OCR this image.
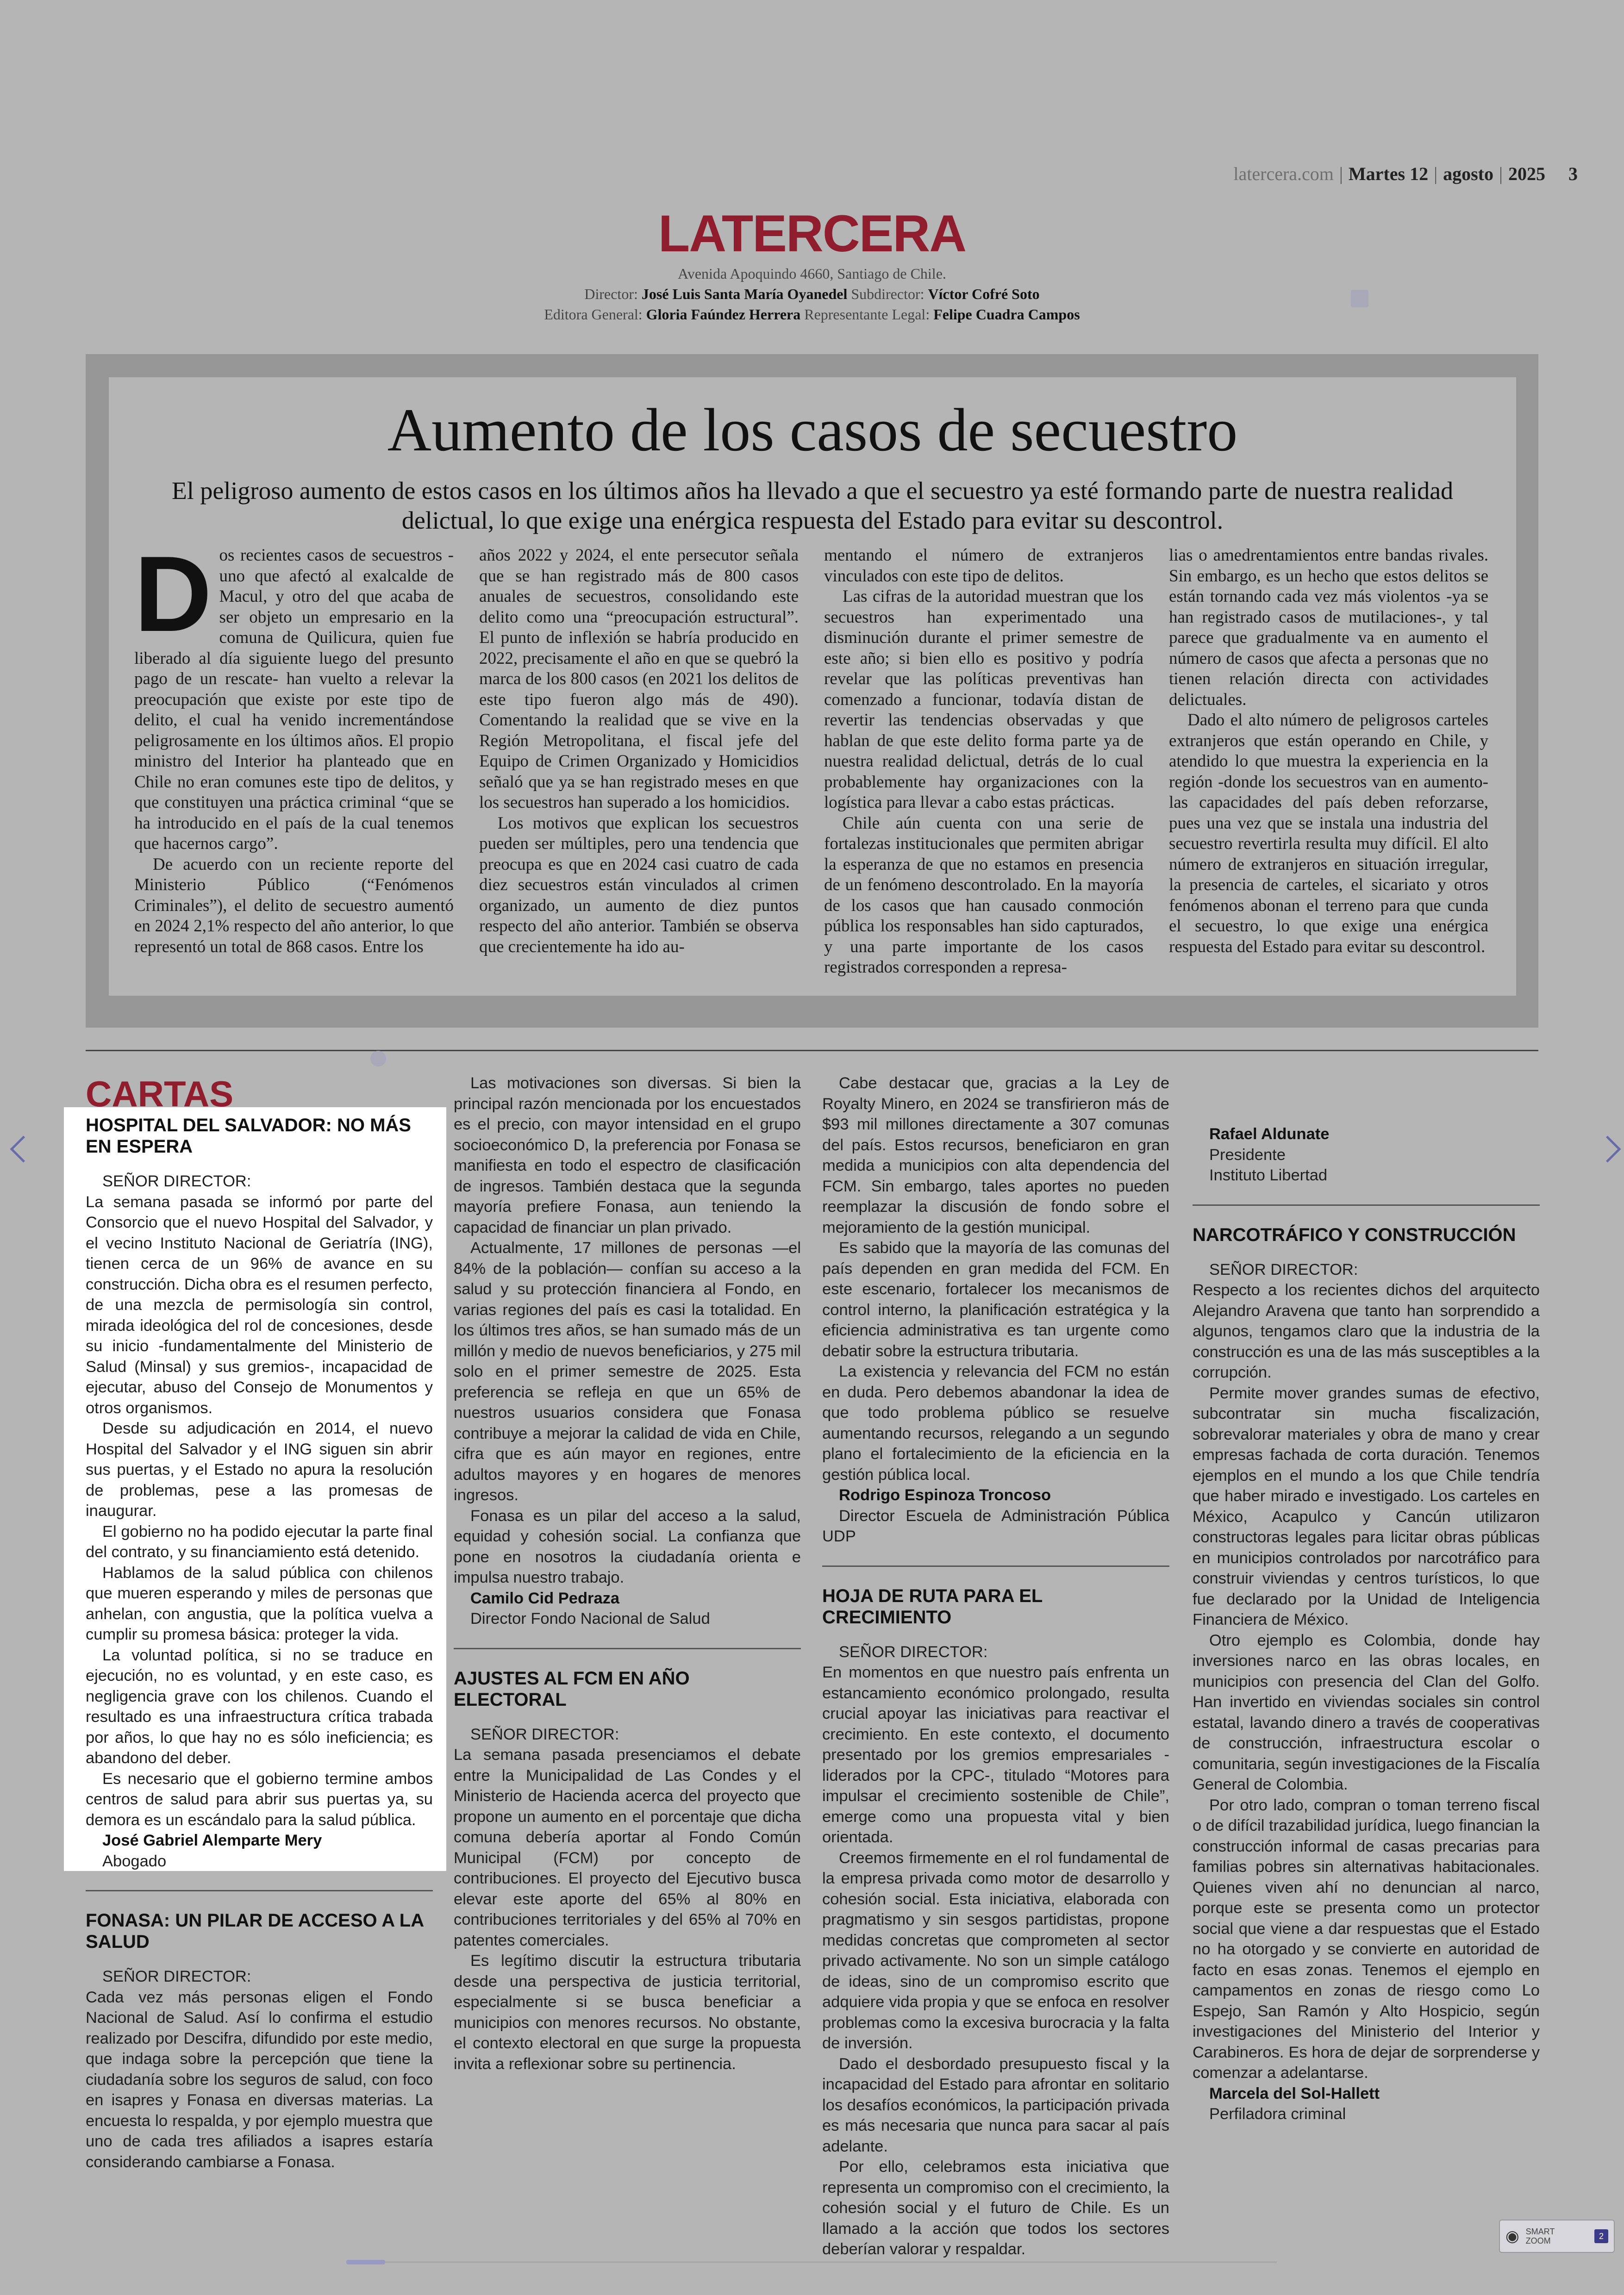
latercera.com | Martes 12 | agosto | 2025 3
LATERCERA
Avenida Apoquindo 4660, Santiago de Chile.
Director: José Luis Santa María Oyanedel Subdirector: Víctor Cofré Soto
Editora General: Gloria Faúndez Herrera Representante Legal: Felipe Cuadra Campos
Aumento de los casos de secuestro
El peligroso aumento de estos casos en los últimos años ha llevado a que el secuestro ya esté formando parte de nuestra realidad delictual, lo que exige una enérgica respuesta del Estado para evitar su descontrol.

Dos recientes casos de secuestros -uno que afectó al exalcalde de Macul, y otro del que acaba de ser objeto un empresario en la comuna de Quilicura, quien fue liberado al día siguiente luego del presunto pago de un rescate- han vuelto a relevar la preocupación que existe por este tipo de delito, el cual ha venido incrementándose peligrosamente en los últimos años. El propio ministro del Interior ha planteado que en Chile no eran comunes este tipo de delitos, y que constituyen una práctica criminal “que se ha introducido en el país de la cual tenemos que hacernos cargo”.

De acuerdo con un reciente reporte del Ministerio Público (“Fenómenos Criminales”), el delito de secuestro aumentó en 2024 2,1% respecto del año anterior, lo que representó un total de 868 casos. Entre los

años 2022 y 2024, el ente persecutor señala que se han registrado más de 800 casos anuales de secuestros, consolidando este delito como una “preocupación estructural”. El punto de inflexión se habría producido en 2022, precisamente el año en que se quebró la marca de los 800 casos (en 2021 los delitos de este tipo fueron algo más de 490). Comentando la realidad que se vive en la Región Metropolitana, el fiscal jefe del Equipo de Crimen Organizado y Homicidios señaló que ya se han registrado meses en que los secuestros han superado a los homicidios.

Los motivos que explican los secuestros pueden ser múltiples, pero una tendencia que preocupa es que en 2024 casi cuatro de cada diez secuestros están vinculados al crimen organizado, un aumento de diez puntos respecto del año anterior. También se observa que crecientemente ha ido au-

mentando el número de extranjeros vinculados con este tipo de delitos.

Las cifras de la autoridad muestran que los secuestros han experimentado una disminución durante el primer semestre de este año; si bien ello es positivo y podría revelar que las políticas preventivas han comenzado a funcionar, todavía distan de revertir las tendencias observadas y que hablan de que este delito forma parte ya de nuestra realidad delictual, detrás de lo cual probablemente hay organizaciones con la logística para llevar a cabo estas prácticas.

Chile aún cuenta con una serie de fortalezas institucionales que permiten abrigar la esperanza de que no estamos en presencia de un fenómeno descontrolado. En la mayoría de los casos que han causado conmoción pública los responsables han sido capturados, y una parte importante de los casos registrados corresponden a represa-

lias o amedrentamientos entre bandas rivales. Sin embargo, es un hecho que estos delitos se están tornando cada vez más violentos -ya se han registrado casos de mutilaciones-, y tal parece que gradualmente va en aumento el número de casos que afecta a personas que no tienen relación directa con actividades delictuales.

Dado el alto número de peligrosos carteles extranjeros que están operando en Chile, y atendido lo que muestra la experiencia en la región -donde los secuestros van en aumento- las capacidades del país deben reforzarse, pues una vez que se instala una industria del secuestro revertirla resulta muy difícil. El alto número de extranjeros en situación irregular, la presencia de carteles, el sicariato y otros fenómenos abonan el terreno para que cunda el secuestro, lo que exige una enérgica respuesta del Estado para evitar su descontrol.

CARTAS
HOSPITAL DEL SALVADOR: NO MÁS EN ESPERA

SEÑOR DIRECTOR:

La semana pasada se informó por parte del Consorcio que el nuevo Hospital del Salvador, y el vecino Instituto Nacional de Geriatría (ING), tienen cerca de un 96% de avance en su construcción. Dicha obra es el resumen perfecto, de una mezcla de permisología sin control, mirada ideológica del rol de concesiones, desde su inicio -fundamentalmente del Ministerio de Salud (Minsal) y sus gremios-, incapacidad de ejecutar, abuso del Consejo de Monumentos y otros organismos.

Desde su adjudicación en 2014, el nuevo Hospital del Salvador y el ING siguen sin abrir sus puertas, y el Estado no apura la resolución de problemas, pese a las promesas de inaugurar.

El gobierno no ha podido ejecutar la parte final del contrato, y su financiamiento está detenido.

Hablamos de la salud pública con chilenos que mueren esperando y miles de personas que anhelan, con angustia, que la política vuelva a cumplir su promesa básica: proteger la vida.

La voluntad política, si no se traduce en ejecución, no es voluntad, y en este caso, es negligencia grave con los chilenos. Cuando el resultado es una infraestructura crítica trabada por años, lo que hay no es sólo ineficiencia; es abandono del deber.

Es necesario que el gobierno termine ambos centros de salud para abrir sus puertas ya, su demora es un escándalo para la salud pública.

José Gabriel Alemparte Mery

Abogado

FONASA: UN PILAR DE ACCESO A LA SALUD

SEÑOR DIRECTOR:

Cada vez más personas eligen el Fondo Nacional de Salud. Así lo confirma el estudio realizado por Descifra, difundido por este medio, que indaga sobre la percepción que tiene la ciudadanía sobre los seguros de salud, con foco en isapres y Fonasa en diversas materias. La encuesta lo respalda, y por ejemplo muestra que uno de cada tres afiliados a isapres estaría considerando cambiarse a Fonasa.

Las motivaciones son diversas. Si bien la principal razón mencionada por los encuestados es el precio, con mayor intensidad en el grupo socioeconómico D, la preferencia por Fonasa se manifiesta en todo el espectro de clasificación de ingresos. También destaca que la segunda mayoría prefiere Fonasa, aun teniendo la capacidad de financiar un plan privado.

Actualmente, 17 millones de personas —el 84% de la población— confían su acceso a la salud y su protección financiera al Fondo, en varias regiones del país es casi la totalidad. En los últimos tres años, se han sumado más de un millón y medio de nuevos beneficiarios, y 275 mil solo en el primer semestre de 2025. Esta preferencia se refleja en que un 65% de nuestros usuarios considera que Fonasa contribuye a mejorar la calidad de vida en Chile, cifra que es aún mayor en regiones, entre adultos mayores y en hogares de menores ingresos.

Fonasa es un pilar del acceso a la salud, equidad y cohesión social. La confianza que pone en nosotros la ciudadanía orienta e impulsa nuestro trabajo.

Camilo Cid Pedraza

Director Fondo Nacional de Salud

AJUSTES AL FCM EN AÑO ELECTORAL

SEÑOR DIRECTOR:

La semana pasada presenciamos el debate entre la Municipalidad de Las Condes y el Ministerio de Hacienda acerca del proyecto que propone un aumento en el porcentaje que dicha comuna debería aportar al Fondo Común Municipal (FCM) por concepto de contribuciones. El proyecto del Ejecutivo busca elevar este aporte del 65% al 80% en contribuciones territoriales y del 65% al 70% en patentes comerciales.

Es legítimo discutir la estructura tributaria desde una perspectiva de justicia territorial, especialmente si se busca beneficiar a municipios con menores recursos. No obstante, el contexto electoral en que surge la propuesta invita a reflexionar sobre su pertinencia.

Cabe destacar que, gracias a la Ley de Royalty Minero, en 2024 se transfirieron más de $93 mil millones directamente a 307 comunas del país. Estos recursos, beneficiaron en gran medida a municipios con alta dependencia del FCM. Sin embargo, tales aportes no pueden reemplazar la discusión de fondo sobre el mejoramiento de la gestión municipal.

Es sabido que la mayoría de las comunas del país dependen en gran medida del FCM. En este escenario, fortalecer los mecanismos de control interno, la planificación estratégica y la eficiencia administrativa es tan urgente como debatir sobre la estructura tributaria.

La existencia y relevancia del FCM no están en duda. Pero debemos abandonar la idea de que todo problema público se resuelve aumentando recursos, relegando a un segundo plano el fortalecimiento de la eficiencia en la gestión pública local.

Rodrigo Espinoza Troncoso

Director Escuela de Administración Pública UDP

HOJA DE RUTA PARA EL CRECIMIENTO

SEÑOR DIRECTOR:

En momentos en que nuestro país enfrenta un estancamiento económico prolongado, resulta crucial apoyar las iniciativas para reactivar el crecimiento. En este contexto, el documento presentado por los gremios empresariales -liderados por la CPC-, titulado “Motores para impulsar el crecimiento sostenible de Chile”, emerge como una propuesta vital y bien orientada.

Creemos firmemente en el rol fundamental de la empresa privada como motor de desarrollo y cohesión social. Esta iniciativa, elaborada con pragmatismo y sin sesgos partidistas, propone medidas concretas que comprometen al sector privado activamente. No son un simple catálogo de ideas, sino de un compromiso escrito que adquiere vida propia y que se enfoca en resolver problemas como la excesiva burocracia y la falta de inversión.

Dado el desbordado presupuesto fiscal y la incapacidad del Estado para afrontar en solitario los desafíos económicos, la participación privada es más necesaria que nunca para sacar al país adelante.

Por ello, celebramos esta iniciativa que representa un compromiso con el crecimiento, la cohesión social y el futuro de Chile. Es un llamado a la acción que todos los sectores deberían valorar y respaldar.

Rafael Aldunate

Presidente

Instituto Libertad

NARCOTRÁFICO Y CONSTRUCCIÓN

SEÑOR DIRECTOR:

Respecto a los recientes dichos del arquitecto Alejandro Aravena que tanto han sorprendido a algunos, tengamos claro que la industria de la construcción es una de las más susceptibles a la corrupción.

Permite mover grandes sumas de efectivo, subcontratar sin mucha fiscalización, sobrevalorar materiales y obra de mano y crear empresas fachada de corta duración. Tenemos ejemplos en el mundo a los que Chile tendría que haber mirado e investigado. Los carteles en México, Acapulco y Cancún utilizaron constructoras legales para licitar obras públicas en municipios controlados por narcotráfico para construir viviendas y centros turísticos, lo que fue declarado por la Unidad de Inteligencia Financiera de México.

Otro ejemplo es Colombia, donde hay inversiones narco en las obras locales, en municipios con presencia del Clan del Golfo. Han invertido en viviendas sociales sin control estatal, lavando dinero a través de cooperativas de construcción, infraestructura escolar o comunitaria, según investigaciones de la Fiscalía General de Colombia.

Por otro lado, compran o toman terreno fiscal o de difícil trazabilidad jurídica, luego financian la construcción informal de casas precarias para familias pobres sin alternativas habitacionales. Quienes viven ahí no denuncian al narco, porque este se presenta como un protector social que viene a dar respuestas que el Estado no ha otorgado y se convierte en autoridad de facto en esas zonas. Tenemos el ejemplo en campamentos en zonas de riesgo como Lo Espejo, San Ramón y Alto Hospicio, según investigaciones del Ministerio del Interior y Carabineros. Es hora de dejar de sorprenderse y comenzar a adelantarse.

Marcela del Sol-Hallett

Perfiladora criminal

◉ SMART
ZOOM	2
